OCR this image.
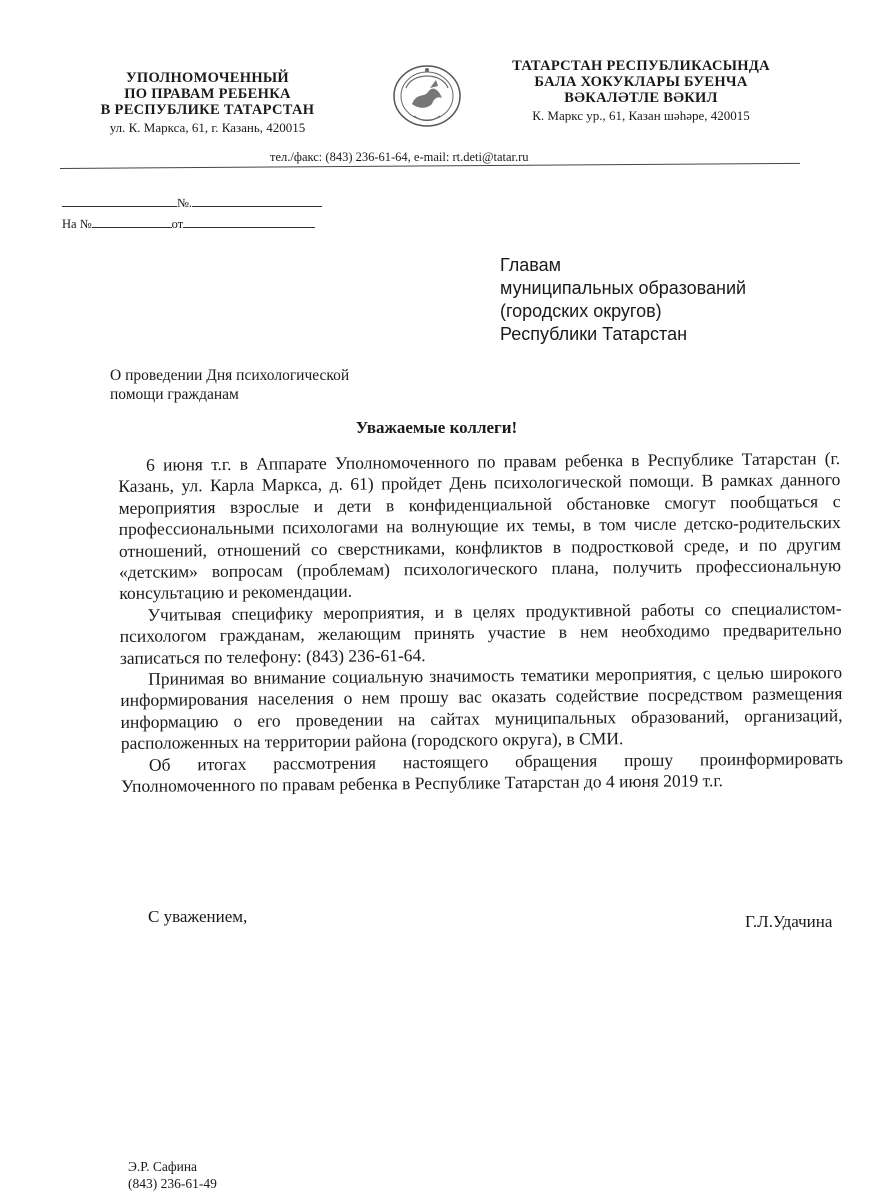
УПОЛНОМОЧЕННЫЙ
ПО ПРАВАМ РЕБЕНКА
В РЕСПУБЛИКЕ ТАТАРСТАН
ул. К. Маркса, 61, г. Казань, 420015
ТАТАРСТАН РЕСПУБЛИКАСЫНДА
БАЛА ХОКУКЛАРЫ БУЕНЧА
ВӘКАЛӘТЛЕ ВӘКИЛ
К. Маркс ур., 61, Казан шәһәре, 420015
тел./факс: (843) 236-61-64, e-mail: rt.deti@tatar.ru
№.
На №	от
Главам
муниципальных образований
(городских округов)
Республики Татарстан
О проведении Дня психологической
помощи гражданам
Уважаемые коллеги!

6 июня т.г. в Аппарате Уполномоченного по правам ребенка в Республике Татарстан (г. Казань, ул. Карла Маркса, д. 61) пройдет День психологической помощи. В рамках данного мероприятия взрослые и дети в конфиденциальной обстановке смогут пообщаться с профессиональными психологами на волнующие их темы, в том числе детско-родительских отношений, отношений со сверстниками, конфликтов в подростковой среде, и по другим «детским» вопросам (проблемам) психологического плана, получить профессиональную консультацию и рекомендации.

Учитывая специфику мероприятия, и в целях продуктивной работы со специалистом-психологом гражданам, желающим принять участие в нем необходимо предварительно записаться по телефону: (843) 236-61-64.

Принимая во внимание социальную значимость тематики мероприятия, с целью широкого информирования населения о нем прошу вас оказать содействие посредством размещения информацию о его проведении на сайтах муниципальных образований, организаций, расположенных на территории района (городского округа), в СМИ.

Об итогах рассмотрения настоящего обращения прошу проинформировать Уполномоченного по правам ребенка в Республике Татарстан до 4 июня 2019 т.г.

С уважением,	Г.Л.Удачина
Э.Р. Сафина
(843) 236-61-49
